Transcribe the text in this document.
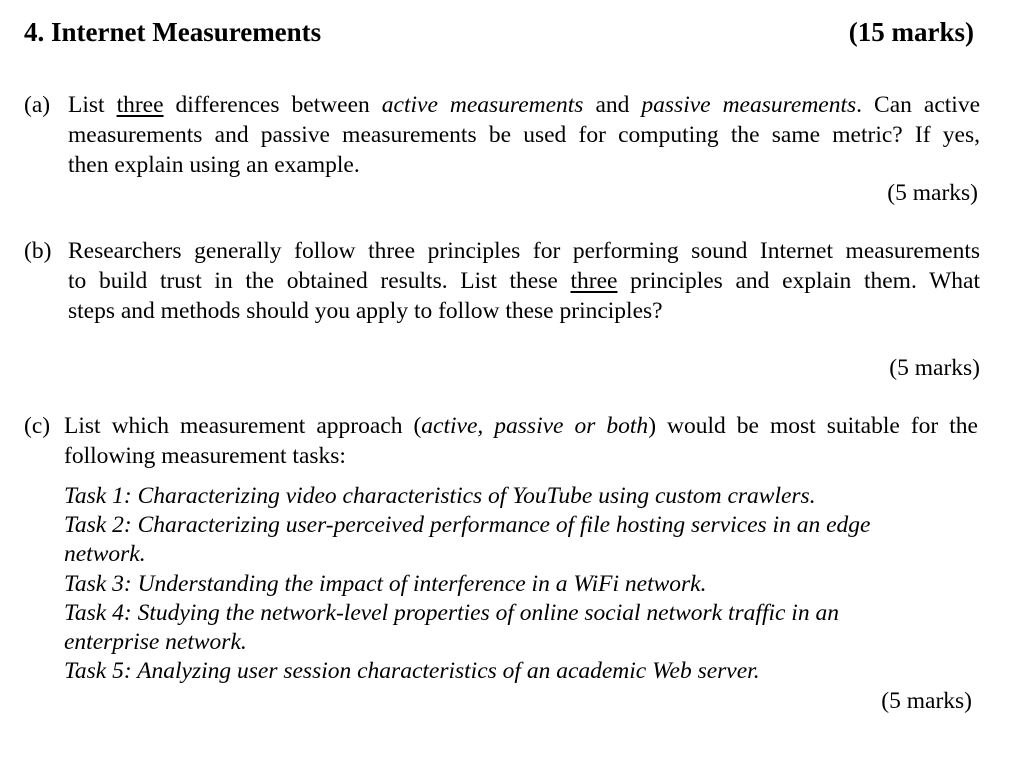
4. Internet Measurements	(15 marks)
(a) List three differences between active measurements and passive measurements. Can active
measurements and passive measurements be used for computing the same metric? If yes,
then explain using an example.
(5 marks)
(b) Researchers generally follow three principles for performing sound Internet measurements
to build trust in the obtained results. List these three principles and explain them. What
steps and methods should you apply to follow these principles?
(5 marks)
(c) List which measurement approach (active, passive or both) would be most suitable for the
following measurement tasks:
Task 1: Characterizing video characteristics of YouTube using custom crawlers.
Task 2: Characterizing user-perceived performance of file hosting services in an edge
network.
Task 3: Understanding the impact of interference in a WiFi network.
Task 4: Studying the network-level properties of online social network traffic in an
enterprise network.
Task 5: Analyzing user session characteristics of an academic Web server.
(5 marks)
